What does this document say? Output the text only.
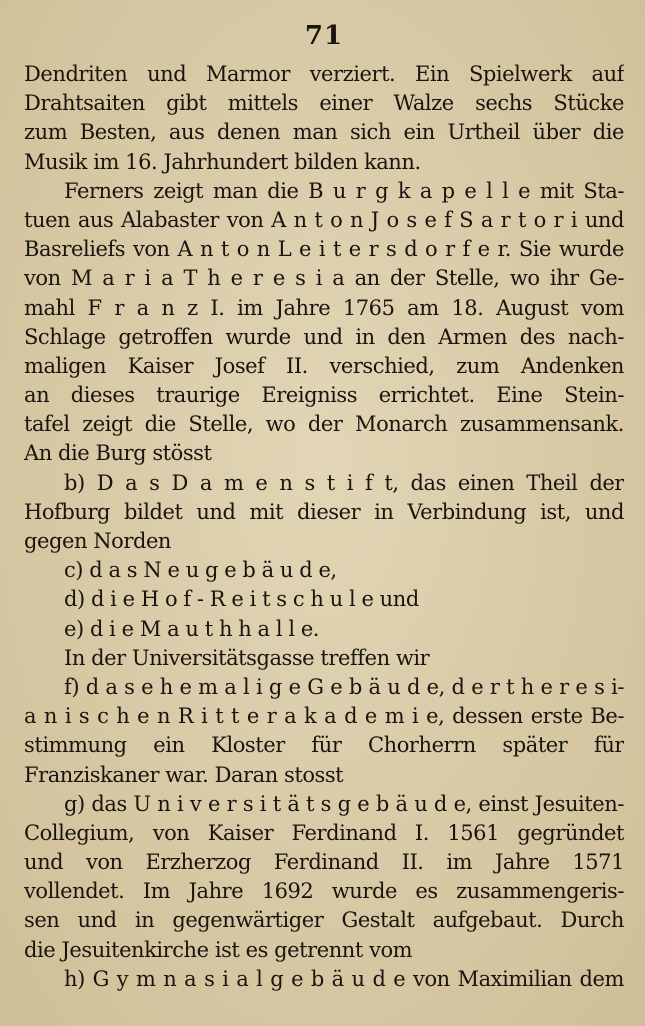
71
Dendriten und Marmor verziert. Ein Spielwerk auf
Drahtsaiten gibt mittels einer Walze sechs Stücke
zum Besten, aus denen man sich ein Urtheil über die
Musik im 16. Jahrhundert bilden kann.
Ferners zeigt man die B u r g k a p e l l e mit Sta-
tuen aus Alabaster von A n t o n J o s e f S a r t o r i und
Basreliefs von A n t o n L e i t e r s d o r f e r. Sie wurde
von M a r i a T h e r e s i a an der Stelle, wo ihr Ge-
mahl F r a n z I. im Jahre 1765 am 18. August vom
Schlage getroffen wurde und in den Armen des nach-
maligen Kaiser Josef II. verschied, zum Andenken
an dieses traurige Ereigniss errichtet. Eine Stein-
tafel zeigt die Stelle, wo der Monarch zusammensank.
An die Burg stösst
b) D a s D a m e n s t i f t, das einen Theil der
Hofburg bildet und mit dieser in Verbindung ist, und
gegen Norden
c) d a s N e u g e b ä u d e,
d) d i e H o f - R e i t s c h u l e und
e) d i e M a u t h h a l l e.
In der Universitätsgasse treffen wir
f) d a s e h e m a l i g e G e b ä u d e, d e r t h e r e s i-
a n i s c h e n R i t t e r a k a d e m i e, dessen erste Be-
stimmung ein Kloster für Chorherrn später für
Franziskaner war. Daran stosst
g) das U n i v e r s i t ä t s g e b ä u d e, einst Jesuiten-
Collegium, von Kaiser Ferdinand I. 1561 gegründet
und von Erzherzog Ferdinand II. im Jahre 1571
vollendet. Im Jahre 1692 wurde es zusammengeris-
sen und in gegenwärtiger Gestalt aufgebaut. Durch
die Jesuitenkirche ist es getrennt vom
h) G y m n a s i a l g e b ä u d e von Maximilian dem
